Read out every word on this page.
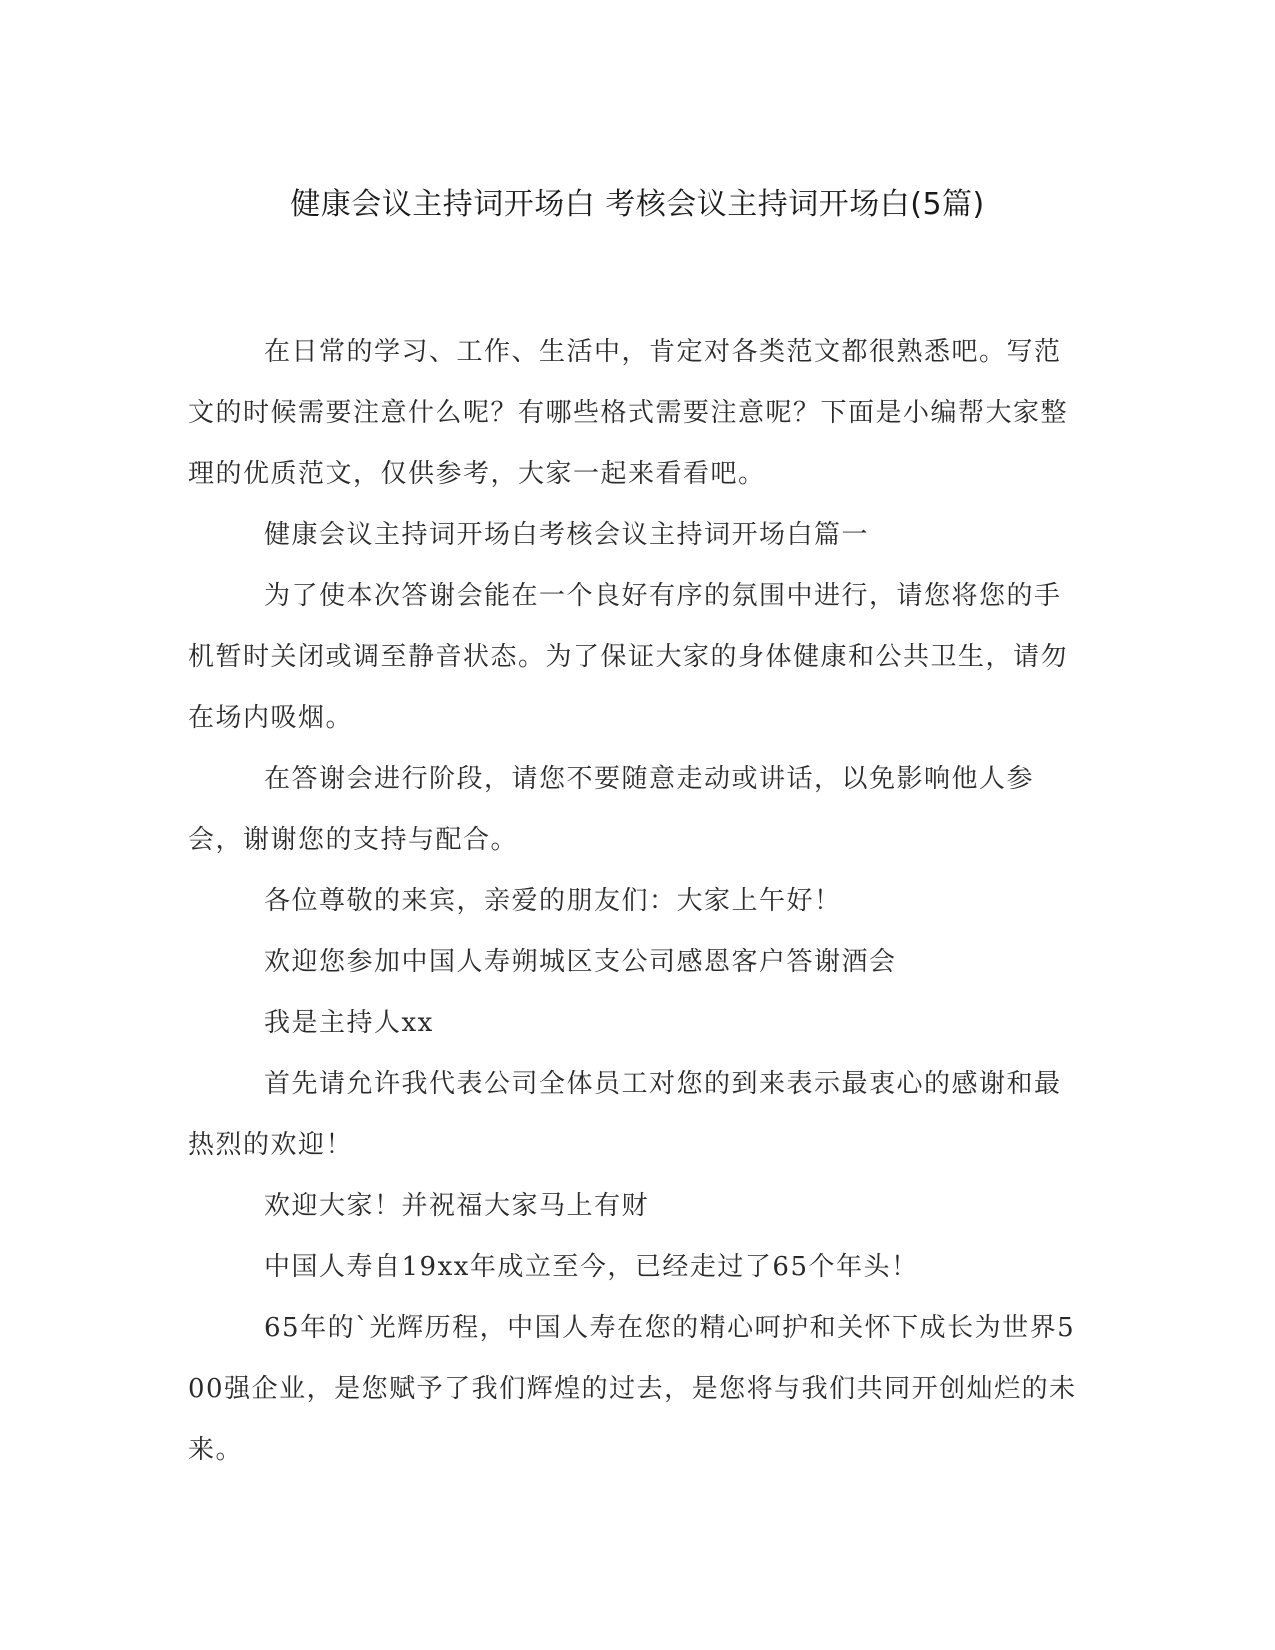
健康会议主持词开场白 考核会议主持词开场白(5篇)

在日常的学习、工作、生活中，肯定对各类范文都很熟悉吧。写范文的时候需要注意什么呢？有哪些格式需要注意呢？下面是小编帮大家整理的优质范文，仅供参考，大家一起来看看吧。

健康会议主持词开场白考核会议主持词开场白篇一

为了使本次答谢会能在一个良好有序的氛围中进行，请您将您的手机暂时关闭或调至静音状态。为了保证大家的身体健康和公共卫生，请勿在场内吸烟。

在答谢会进行阶段，请您不要随意走动或讲话，以免影响他人参会，谢谢您的支持与配合。

各位尊敬的来宾，亲爱的朋友们：大家上午好！

欢迎您参加中国人寿朔城区支公司感恩客户答谢酒会

我是主持人xx

首先请允许我代表公司全体员工对您的到来表示最衷心的感谢和最热烈的欢迎！

欢迎大家！并祝福大家马上有财

中国人寿自19xx年成立至今，已经走过了65个年头！

65年的`光辉历程，中国人寿在您的精心呵护和关怀下成长为世界500强企业，是您赋予了我们辉煌的过去，是您将与我们共同开创灿烂的未来。
